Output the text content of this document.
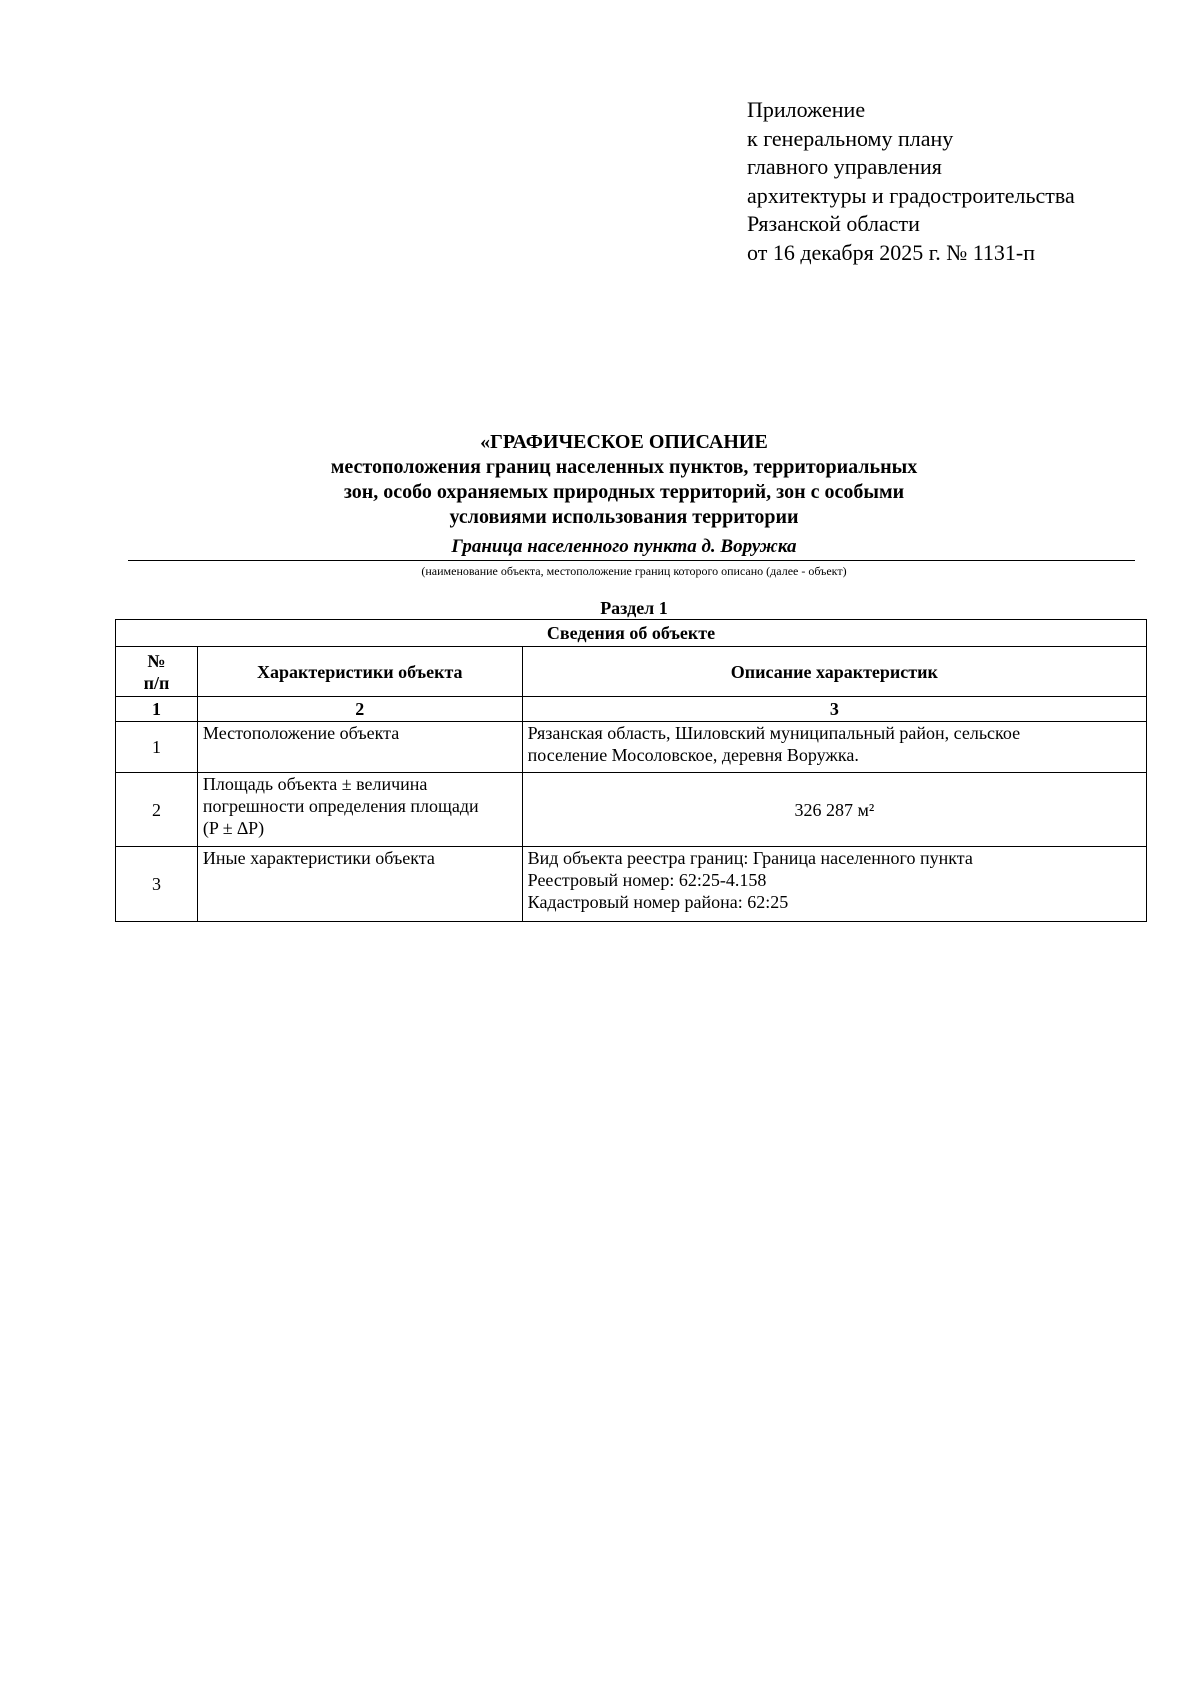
Приложение
к генеральному плану
главного управления
архитектуры и градостроительства
Рязанской области
от 16 декабря 2025 г. № 1131-п
«ГРАФИЧЕСКОЕ ОПИСАНИЕ
местоположения границ населенных пунктов, территориальных
зон, особо охраняемых природных территорий, зон с особыми
условиями использования территории
Граница населенного пункта д. Воружка
(наименование объекта, местоположение границ которого описано (далее - объект)
Раздел 1
Сведения об объекте		

№
п/п	Характеристики объекта	Описание характеристик
1	2	3
1	Местоположение объекта	Рязанская область, Шиловский муниципальный район, сельское
поселение Мосоловское, деревня Воружка.

2	Площадь объекта ± величина
погрешности определения площади
(P ± ∆P)	326 287 м²

3	Иные характеристики объекта	Вид объекта реестра границ: Граница населенного пункта
Реестровый номер: 62:25-4.158
Кадастровый номер района: 62:25
